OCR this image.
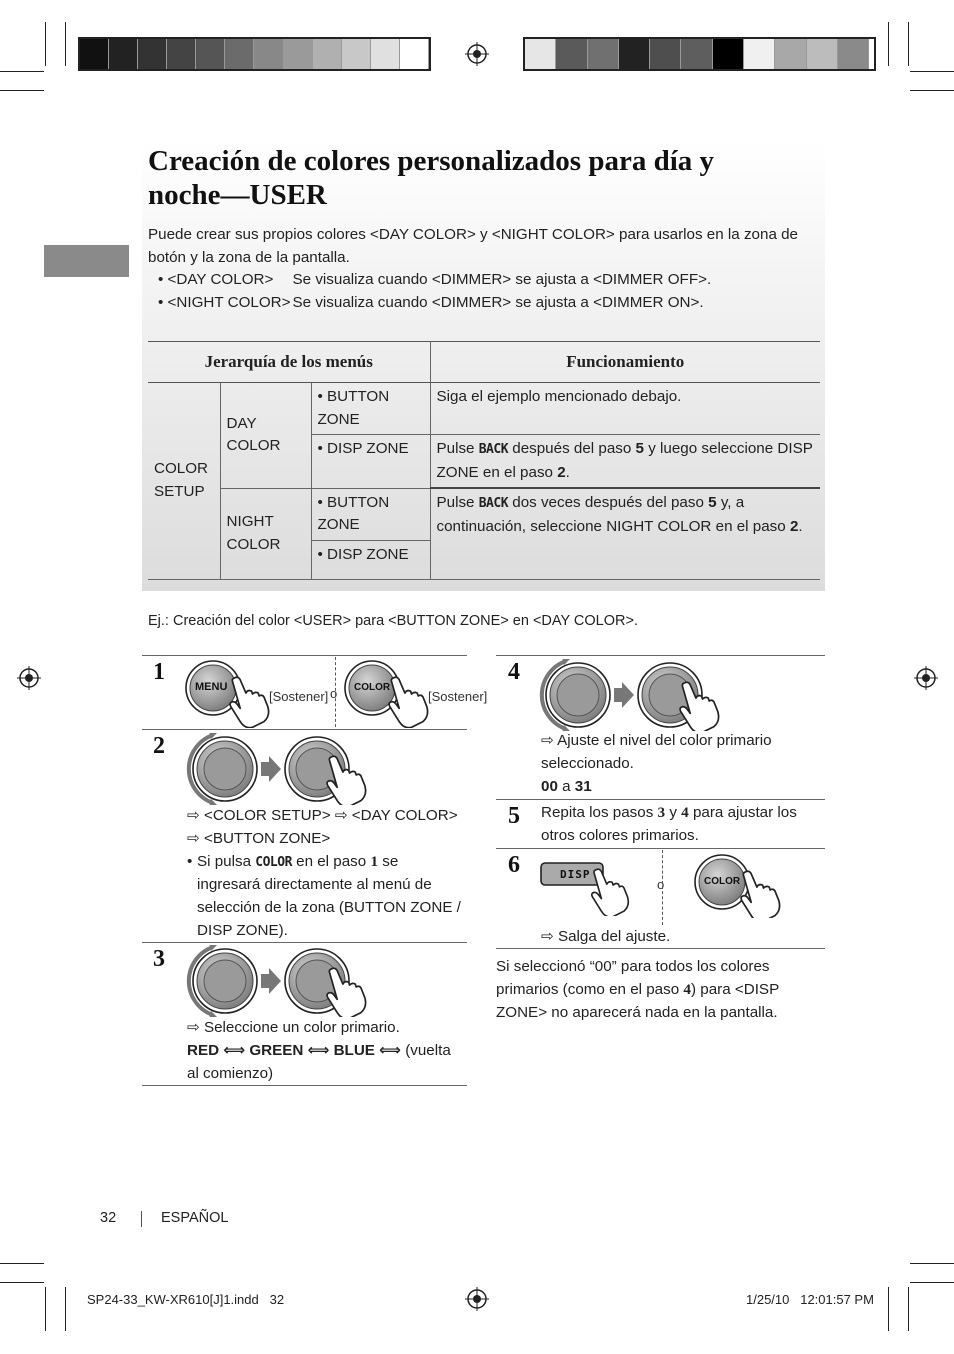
Creación de colores personalizados para día y noche—USER

Puede crear sus propios colores <DAY COLOR> y <NIGHT COLOR> para usarlos en la zona de botón y la zona de la pantalla.

• <DAY COLOR> Se visualiza cuando <DIMMER> se ajusta a <DIMMER OFF>.

• <NIGHT COLOR> Se visualiza cuando <DIMMER> se ajusta a <DIMMER ON>.

Jerarquía de los menús			Funcionamiento
COLOR SETUP	DAY COLOR	• BUTTON ZONE	Siga el ejemplo mencionado debajo.
		• DISP ZONE	Pulse BACK después del paso 5 y luego seleccione DISP ZONE en el paso 2.
	NIGHT COLOR	• BUTTON ZONE	Pulse BACK dos veces después del paso 5 y, a continuación, seleccione NIGHT COLOR en el paso 2.
		• DISP ZONE	
Ej.: Creación del color <USER> para <BUTTON ZONE> en <DAY COLOR>.
1
MENU
[Sostener] o COLOR
[Sostener]
2
⇨ <COLOR SETUP> ⇨ <DAY COLOR>
⇨ <BUTTON ZONE>
• Si pulsa COLOR en el paso 1 se ingresará directamente al menú de selección de la zona (BUTTON ZONE / DISP ZONE).
3
⇨ Seleccione un color primario.
RED ⟺ GREEN ⟺ BLUE ⟺ (vuelta al comienzo)
4
⇨ Ajuste el nivel del color primario seleccionado.
00 a 31
5 Repita los pasos 3 y 4 para ajustar los otros colores primarios.
6	DISP
o	COLOR
⇨ Salga del ajuste.
Si seleccionó “00” para todos los colores primarios (como en el paso 4) para <DISP ZONE> no aparecerá nada en la pantalla.
32	ESPAÑOL
SP24-33_KW-XR610[J]1.indd   32	1/25/10   12:01:57 PM
